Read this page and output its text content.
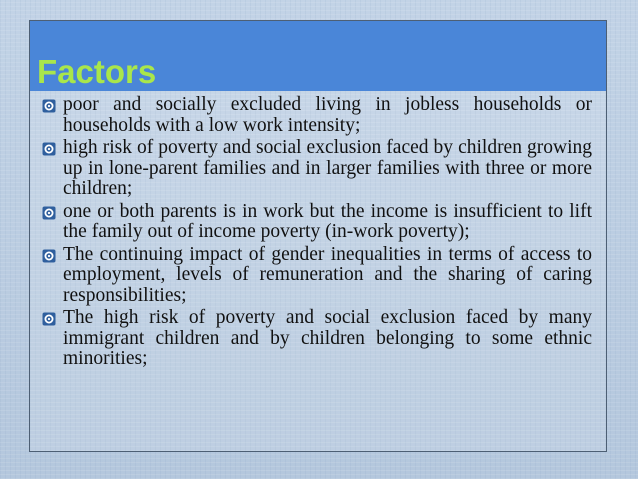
Factors
poor and socially excluded living in jobless households or households with a low work intensity;
high risk of poverty and social exclusion faced by children growing up in lone-parent families and in larger families with three or more children;
one or both parents is in work but the income is insufficient to lift the family out of income poverty (in-work poverty);
The continuing impact of gender inequalities in terms of access to employment, levels of remuneration and the sharing of caring responsibilities;
The high risk of poverty and social exclusion faced by many immigrant children and by children belonging to some ethnic minorities;
